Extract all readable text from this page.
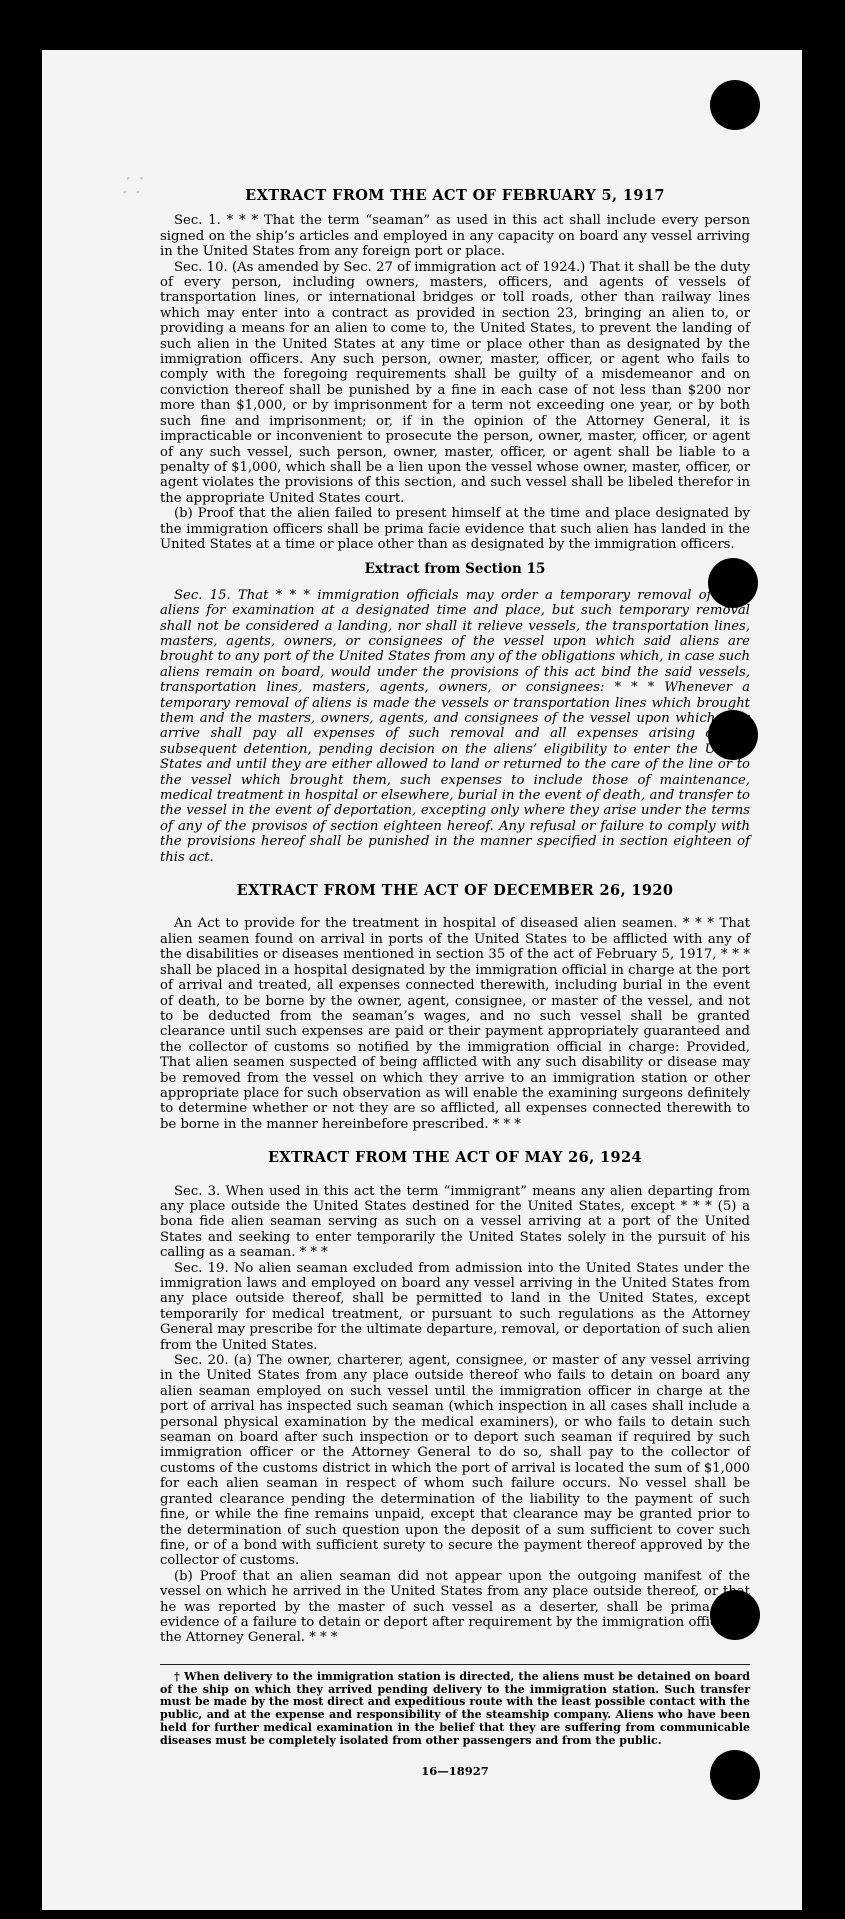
⸬	EXTRACT FROM THE ACT OF FEBRUARY 5, 1917

Sec. 1. * * * That the term “seaman” as used in this act shall include every person signed on the ship’s articles and employed in any capacity on board any vessel arriving in the United States from any foreign port or place.

Sec. 10. (As amended by Sec. 27 of immigration act of 1924.) That it shall be the duty of every person, including owners, masters, officers, and agents of vessels of transportation lines, or international bridges or toll roads, other than railway lines which may enter into a contract as provided in section 23, bringing an alien to, or providing a means for an alien to come to, the United States, to prevent the landing of such alien in the United States at any time or place other than as designated by the immigration officers. Any such person, owner, master, officer, or agent who fails to comply with the foregoing requirements shall be guilty of a misdemeanor and on conviction thereof shall be punished by a fine in each case of not less than $200 nor more than $1,000, or by imprisonment for a term not exceeding one year, or by both such fine and imprisonment; or, if in the opinion of the Attorney General, it is impracticable or inconvenient to prosecute the person, owner, master, officer, or agent of any such vessel, such person, owner, master, officer, or agent shall be liable to a penalty of $1,000, which shall be a lien upon the vessel whose owner, master, officer, or agent violates the provisions of this section, and such vessel shall be libeled therefor in the appropriate United States court.

(b) Proof that the alien failed to present himself at the time and place designated by the immigration officers shall be prima facie evidence that such alien has landed in the United States at a time or place other than as designated by the immigration officers.

Extract from Section 15

Sec. 15. That * * * immigration officials may order a temporary removal of such aliens for examination at a designated time and place, but such temporary removal shall not be considered a landing, nor shall it relieve vessels, the transportation lines, masters, agents, owners, or consignees of the vessel upon which said aliens are brought to any port of the United States from any of the obligations which, in case such aliens remain on board, would under the provisions of this act bind the said vessels, transportation lines, masters, agents, owners, or consignees: * * * Whenever a temporary removal of aliens is made the vessels or transportation lines which brought them and the masters, owners, agents, and consignees of the vessel upon which they arrive shall pay all expenses of such removal and all expenses arising during subsequent detention, pending decision on the aliens’ eligibility to enter the United States and until they are either allowed to land or returned to the care of the line or to the vessel which brought them, such expenses to include those of maintenance, medical treatment in hospital or elsewhere, burial in the event of death, and transfer to the vessel in the event of deportation, excepting only where they arise under the terms of any of the provisos of section eighteen hereof. Any refusal or failure to comply with the provisions hereof shall be punished in the manner specified in section eighteen of this act.

EXTRACT FROM THE ACT OF DECEMBER 26, 1920

An Act to provide for the treatment in hospital of diseased alien seamen. * * * That alien seamen found on arrival in ports of the United States to be afflicted with any of the disabilities or diseases mentioned in section 35 of the act of February 5, 1917, * * * shall be placed in a hospital designated by the immigration official in charge at the port of arrival and treated, all expenses connected therewith, including burial in the event of death, to be borne by the owner, agent, consignee, or master of the vessel, and not to be deducted from the seaman’s wages, and no such vessel shall be granted clearance until such expenses are paid or their payment appropriately guaranteed and the collector of customs so notified by the immigration official in charge: Provided, That alien seamen suspected of being afflicted with any such disability or disease may be removed from the vessel on which they arrive to an immigration station or other appropriate place for such observation as will enable the examining surgeons definitely to determine whether or not they are so afflicted, all expenses connected therewith to be borne in the manner hereinbefore prescribed. * * *

EXTRACT FROM THE ACT OF MAY 26, 1924

Sec. 3. When used in this act the term “immigrant” means any alien departing from any place outside the United States destined for the United States, except * * * (5) a bona fide alien seaman serving as such on a vessel arriving at a port of the United States and seeking to enter temporarily the United States solely in the pursuit of his calling as a seaman. * * *

Sec. 19. No alien seaman excluded from admission into the United States under the immigration laws and employed on board any vessel arriving in the United States from any place outside thereof, shall be permitted to land in the United States, except temporarily for medical treatment, or pursuant to such regulations as the Attorney General may prescribe for the ultimate departure, removal, or deportation of such alien from the United States.

Sec. 20. (a) The owner, charterer, agent, consignee, or master of any vessel arriving in the United States from any place outside thereof who fails to detain on board any alien seaman employed on such vessel until the immigration officer in charge at the port of arrival has inspected such seaman (which inspection in all cases shall include a personal physical examination by the medical examiners), or who fails to detain such seaman on board after such inspection or to deport such seaman if required by such immigration officer or the Attorney General to do so, shall pay to the collector of customs of the customs district in which the port of arrival is located the sum of $1,000 for each alien seaman in respect of whom such failure occurs. No vessel shall be granted clearance pending the determination of the liability to the payment of such fine, or while the fine remains unpaid, except that clearance may be granted prior to the determination of such question upon the deposit of a sum sufficient to cover such fine, or of a bond with sufficient surety to secure the payment thereof approved by the collector of customs.

(b) Proof that an alien seaman did not appear upon the outgoing manifest of the vessel on which he arrived in the United States from any place outside thereof, or that he was reported by the master of such vessel as a deserter, shall be prima facie evidence of a failure to detain or deport after requirement by the immigration officer or the Attorney General. * * *

† When delivery to the immigration station is directed, the aliens must be detained on board of the ship on which they arrived pending delivery to the immigration station. Such transfer must be made by the most direct and expeditious route with the least possible contact with the public, and at the expense and responsibility of the steamship company. Aliens who have been held for further medical examination in the belief that they are suffering from communicable diseases must be completely isolated from other passengers and from the public.

16—18927
